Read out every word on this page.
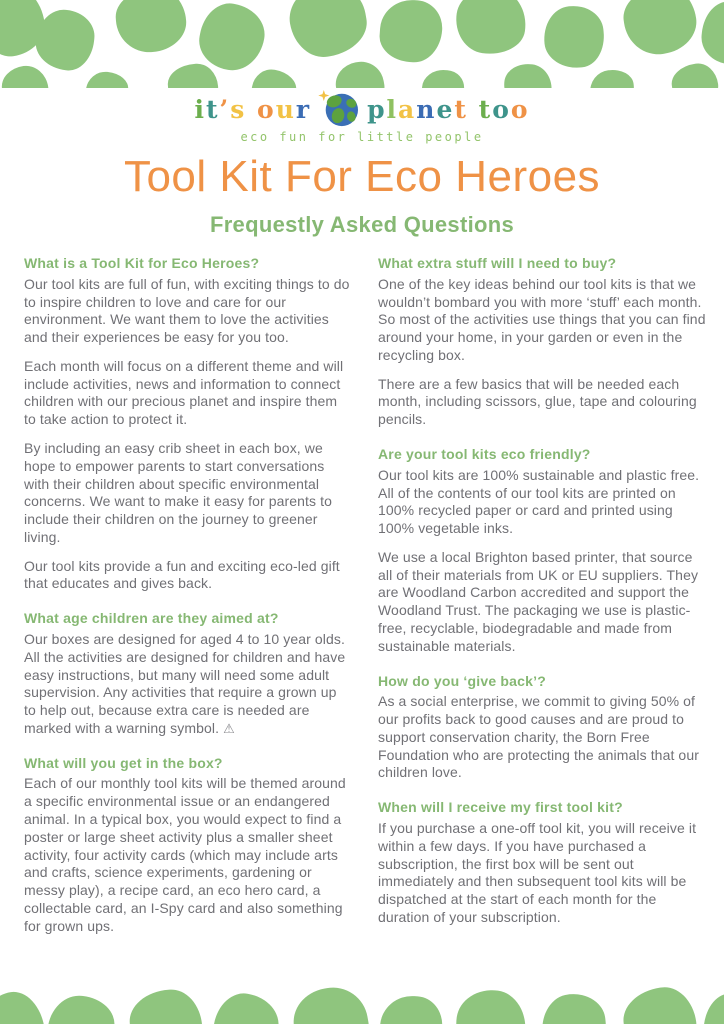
it’s our planet too
eco fun for little people
Tool Kit For Eco Heroes
Frequestly Asked Questions
What is a Tool Kit for Eco Heroes?

Our tool kits are full of fun, with exciting things to do to inspire children to love and care for our environment. We want them to love the activities and their experiences be easy for you too.

Each month will focus on a different theme and will include activities, news and information to connect children with our precious planet and inspire them to take action to protect it.

By including an easy crib sheet in each box, we hope to empower parents to start conversations with their children about specific environmental concerns. We want to make it easy for parents to include their children on the journey to greener living.

Our tool kits provide a fun and exciting eco-led gift that educates and gives back.

What age children are they aimed at?

Our boxes are designed for aged 4 to 10 year olds. All the activities are designed for children and have easy instructions, but many will need some adult supervision. Any activities that require a grown up to help out, because extra care is needed are marked with a warning symbol. ⚠

What will you get in the box?

Each of our monthly tool kits will be themed around a specific environmental issue or an endangered animal. In a typical box, you would expect to find a poster or large sheet activity plus a smaller sheet activity, four activity cards (which may include arts and crafts, science experiments, gardening or messy play), a recipe card, an eco hero card, a collectable card, an I-Spy card and also something for grown ups.

What extra stuff will I need to buy?

One of the key ideas behind our tool kits is that we wouldn’t bombard you with more ‘stuff’ each month. So most of the activities use things that you can find around your home, in your garden or even in the recycling box.

There are a few basics that will be needed each month, including scissors, glue, tape and colouring pencils.

Are your tool kits eco friendly?

Our tool kits are 100% sustainable and plastic free. All of the contents of our tool kits are printed on 100% recycled paper or card and printed using 100% vegetable inks.

We use a local Brighton based printer, that source all of their materials from UK or EU suppliers. They are Woodland Carbon accredited and support the Woodland Trust. The packaging we use is plastic-free, recyclable, biodegradable and made from sustainable materials.

How do you ‘give back’?

As a social enterprise, we commit to giving 50% of our profits back to good causes and are proud to support conservation charity, the Born Free Foundation who are protecting the animals that our children love.

When will I receive my first tool kit?

If you purchase a one-off tool kit, you will receive it within a few days. If you have purchased a subscription, the first box will be sent out immediately and then subsequent tool kits will be dispatched at the start of each month for the duration of your subscription.
